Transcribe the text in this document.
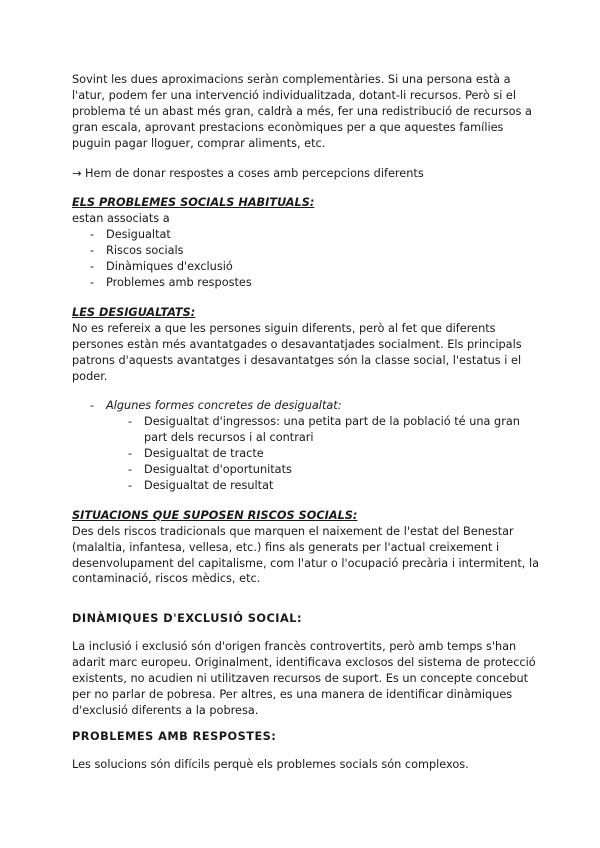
Sovint les dues aproximacions seràn complementàries. Si una persona està a l'atur, podem fer una intervenció individualitzada, dotant-li recursos. Però si el problema té un abast més gran, caldrà a més, fer una redistribució de recursos a gran escala, aprovant prestacions econòmiques per a que aquestes famílies puguin pagar lloguer, comprar aliments, etc.

→ Hem de donar respostes a coses amb percepcions diferents

ELS PROBLEMES SOCIALS HABITUALS:

estan associats a

- Desigualtat
- Riscos socials
- Dinàmiques d'exclusió
- Problemes amb respostes

LES DESIGUALTATS:

No es refereix a que les persones siguin diferents, però al fet que diferents persones estàn més avantatgades o desavantatjades socialment. Els principals patrons d'aquests avantatges i desavantatges són la classe social, l'estatus i el poder.

- Algunes formes concretes de desigualtat:
- Desigualtat d'ingressos: una petita part de la població té una gran part dels recursos i al contrari
- Desigualtat de tracte
- Desigualtat d'oportunitats
- Desigualtat de resultat

SITUACIONS QUE SUPOSEN RISCOS SOCIALS:

Des dels riscos tradicionals que marquen el naixement de l'estat del Benestar (malaltia, infantesa, vellesa, etc.) fins als generats per l'actual creixement i desenvolupament del capitalisme, com l'atur o l'ocupació precària i intermitent, la contaminació, riscos mèdics, etc.

DINÀMIQUES D'EXCLUSIÓ SOCIAL:

La inclusió i exclusió són d'origen francès controvertits, però amb temps s'han adarit marc europeu. Originalment, identificava exclosos del sistema de protecció existents, no acudien ni utilitzaven recursos de suport. Es un concepte concebut per no parlar de pobresa. Per altres, es una manera de identificar dinàmiques d'exclusió diferents a la pobresa.

PROBLEMES AMB RESPOSTES:

Les solucions són difícils perquè els problemes socials són complexos.
